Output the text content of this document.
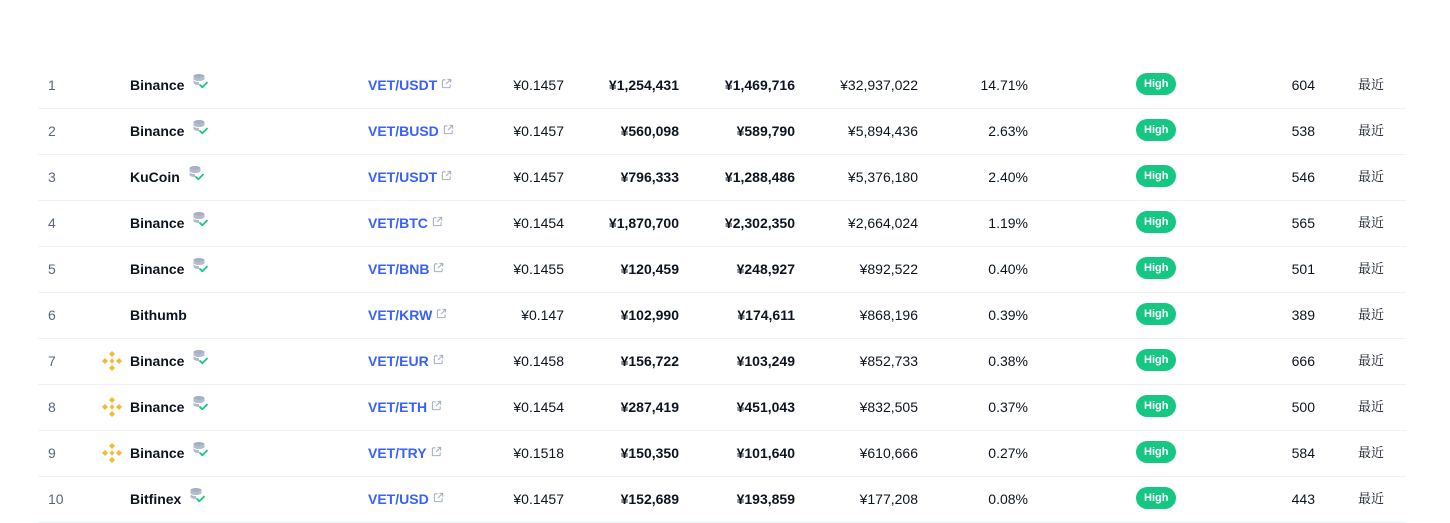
1	Binance	VET/USDT	¥0.1457	¥1,254,431	¥1,469,716	¥32,937,022	14.71%	High	604	最近
2	Binance	VET/BUSD	¥0.1457	¥560,098	¥589,790	¥5,894,436	2.63%	High	538	最近
3	KuCoin	VET/USDT	¥0.1457	¥796,333	¥1,288,486	¥5,376,180	2.40%	High	546	最近
4	Binance	VET/BTC	¥0.1454	¥1,870,700	¥2,302,350	¥2,664,024	1.19%	High	565	最近
5	Binance	VET/BNB	¥0.1455	¥120,459	¥248,927	¥892,522	0.40%	High	501	最近
6	Bithumb	VET/KRW	¥0.147	¥102,990	¥174,611	¥868,196	0.39%	High	389	最近
7	Binance	VET/EUR	¥0.1458	¥156,722	¥103,249	¥852,733	0.38%	High	666	最近
8	Binance	VET/ETH	¥0.1454	¥287,419	¥451,043	¥832,505	0.37%	High	500	最近
9	Binance	VET/TRY	¥0.1518	¥150,350	¥101,640	¥610,666	0.27%	High	584	最近
10	Bitfinex	VET/USD	¥0.1457	¥152,689	¥193,859	¥177,208	0.08%	High	443	最近
